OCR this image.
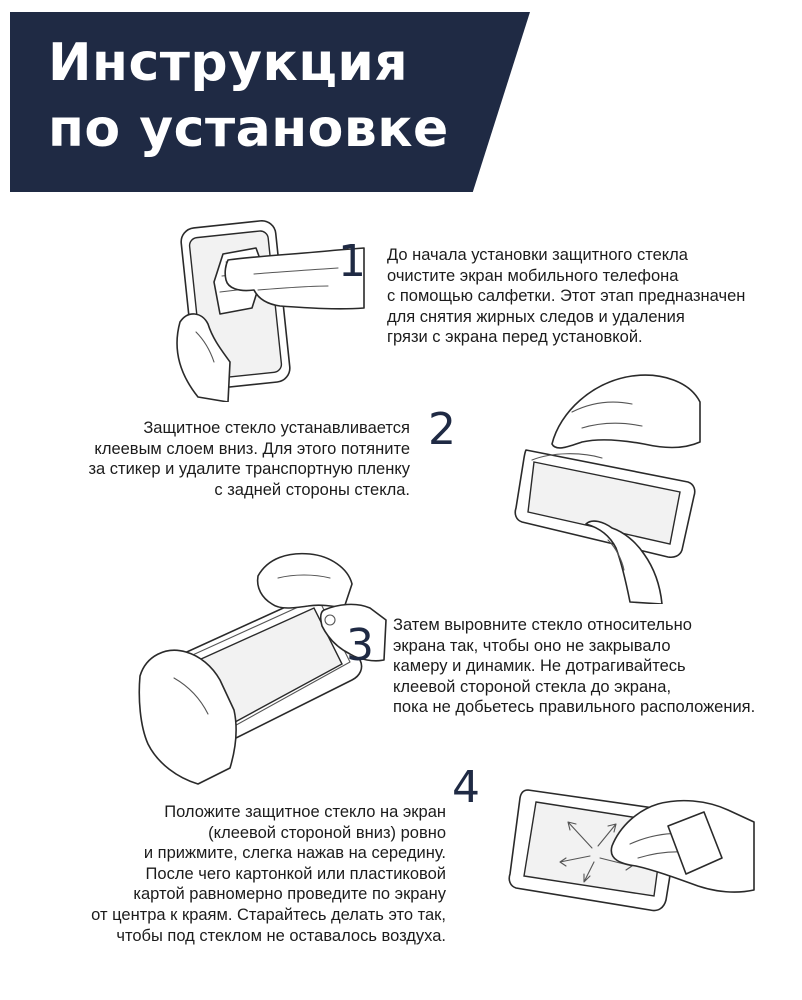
Инструкция
по установке
1 До начала установки защитного стекла
очистите экран мобильного телефона
с помощью салфетки. Этот этап предназначен
для снятия жирных следов и удаления
грязи с экрана перед установкой.

Защитное стекло устанавливается
клеевым слоем вниз. Для этого потяните
за стикер и удалите транспортную пленку
с задней стороны стекла.

2
3 Затем выровните стекло относительно
экрана так, чтобы оно не закрывало
камеру и динамик. Не дотрагивайтесь
клеевой стороной стекла до экрана,
пока не добьетесь правильного расположения.

4

Положите защитное стекло на экран
(клеевой стороной вниз) ровно
и прижмите, слегка нажав на середину.
После чего картонкой или пластиковой
картой равномерно проведите по экрану
от центра к краям. Старайтесь делать это так,
чтобы под стеклом не оставалось воздуха.
